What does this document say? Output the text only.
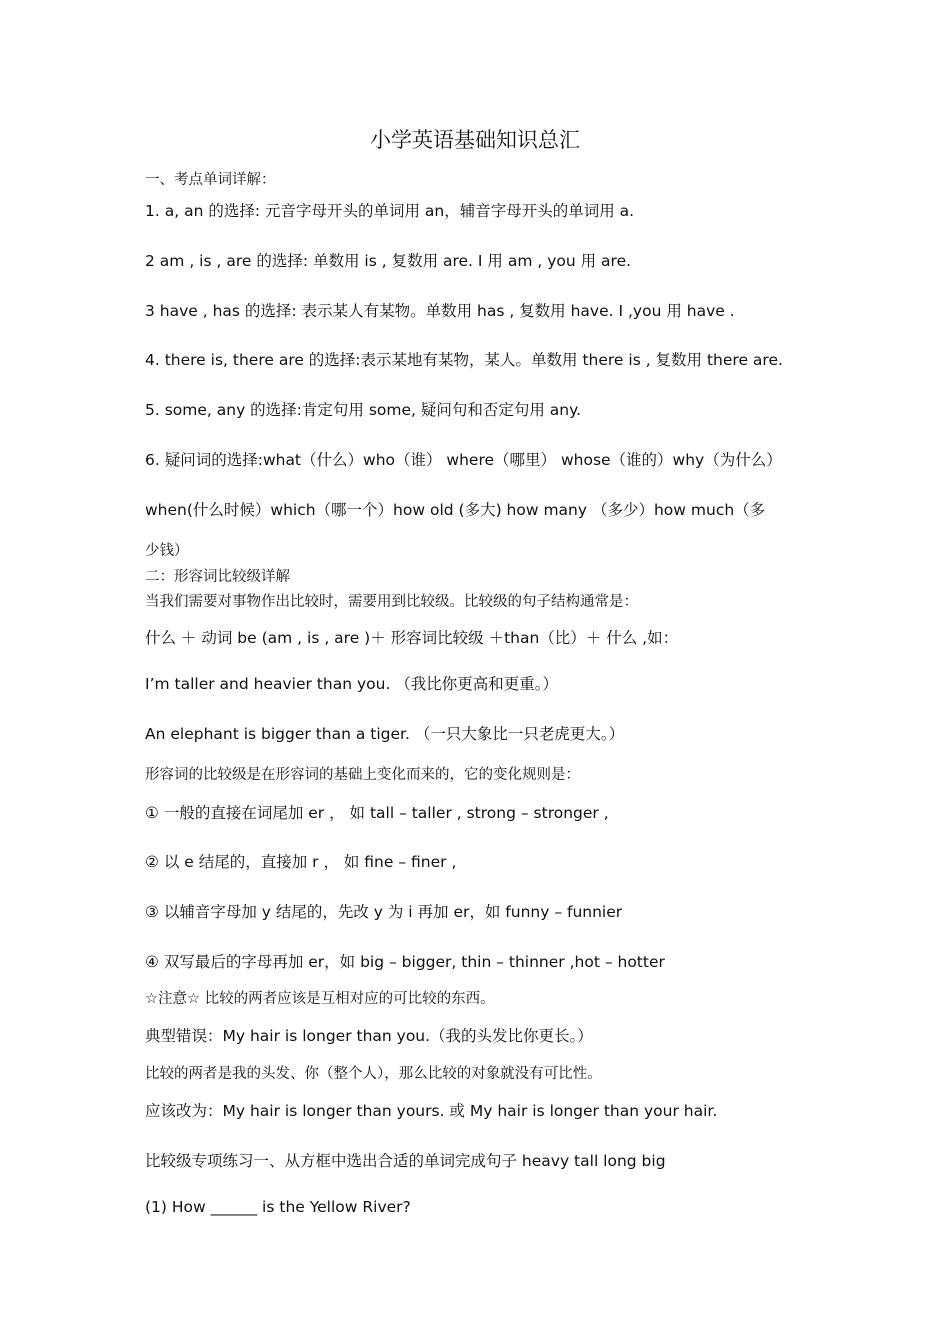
小学英语基础知识总汇
一、考点单词详解：
1. a, an 的选择: 元音字母开头的单词用 an，辅音字母开头的单词用 a.
2 am , is , are 的选择: 单数用 is , 复数用 are. I 用 am , you 用 are.
3 have , has 的选择: 表示某人有某物。单数用 has , 复数用 have. I ,you 用 have .
4. there is, there are 的选择:表示某地有某物，某人。单数用 there is , 复数用 there are.
5. some, any 的选择:肯定句用 some, 疑问句和否定句用 any.
6. 疑问词的选择:what（什么）who（谁） where（哪里） whose（谁的）why（为什么）
when(什么时候）which（哪一个）how old (多大) how many （多少）how much（多
少钱）
二：形容词比较级详解
当我们需要对事物作出比较时，需要用到比较级。比较级的句子结构通常是：
什么 ＋ 动词 be (am , is , are )＋ 形容词比较级 ＋than（比）＋ 什么 ,如：
I’m taller and heavier than you. （我比你更高和更重。）
An elephant is bigger than a tiger. （一只大象比一只老虎更大。）
形容词的比较级是在形容词的基础上变化而来的，它的变化规则是：
① 一般的直接在词尾加 er ， 如 tall – taller , strong – stronger ,
② 以 e 结尾的，直接加 r ， 如 fine – finer ,
③ 以辅音字母加 y 结尾的，先改 y 为 i 再加 er，如 funny – funnier
④ 双写最后的字母再加 er，如 big – bigger, thin – thinner ,hot – hotter
☆注意☆ 比较的两者应该是互相对应的可比较的东西。
典型错误：My hair is longer than you.（我的头发比你更长。）
比较的两者是我的头发、你（整个人），那么比较的对象就没有可比性。
应该改为：My hair is longer than yours. 或 My hair is longer than your hair.
比较级专项练习一、从方框中选出合适的单词完成句子 heavy tall long big
(1) How ______ is the Yellow River?
